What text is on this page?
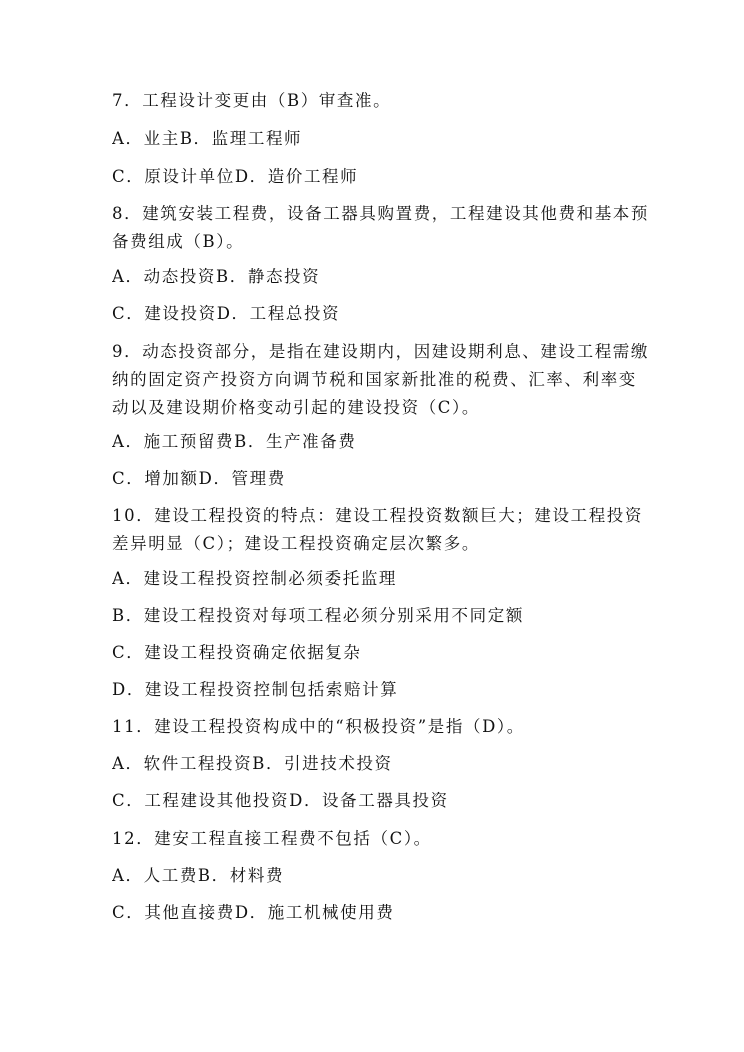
7．工程设计变更由（B）审查准。
A．业主B．监理工程师
C．原设计单位D．造价工程师
8．建筑安装工程费，设备工器具购置费，工程建设其他费和基本预
备费组成（B）。
A．动态投资B．静态投资
C．建设投资D．工程总投资
9．动态投资部分，是指在建设期内，因建设期利息、建设工程需缴
纳的固定资产投资方向调节税和国家新批准的税费、汇率、利率变
动以及建设期价格变动引起的建设投资（C）。
A．施工预留费B．生产准备费
C．增加额D．管理费
10．建设工程投资的特点：建设工程投资数额巨大；建设工程投资
差异明显（C）；建设工程投资确定层次繁多。
A．建设工程投资控制必须委托监理
B．建设工程投资对每项工程必须分别采用不同定额
C．建设工程投资确定依据复杂
D．建设工程投资控制包括索赔计算
11．建设工程投资构成中的“积极投资”是指（D）。
A．软件工程投资B．引进技术投资
C．工程建设其他投资D．设备工器具投资
12．建安工程直接工程费不包括（C）。
A．人工费B．材料费
C．其他直接费D．施工机械使用费
